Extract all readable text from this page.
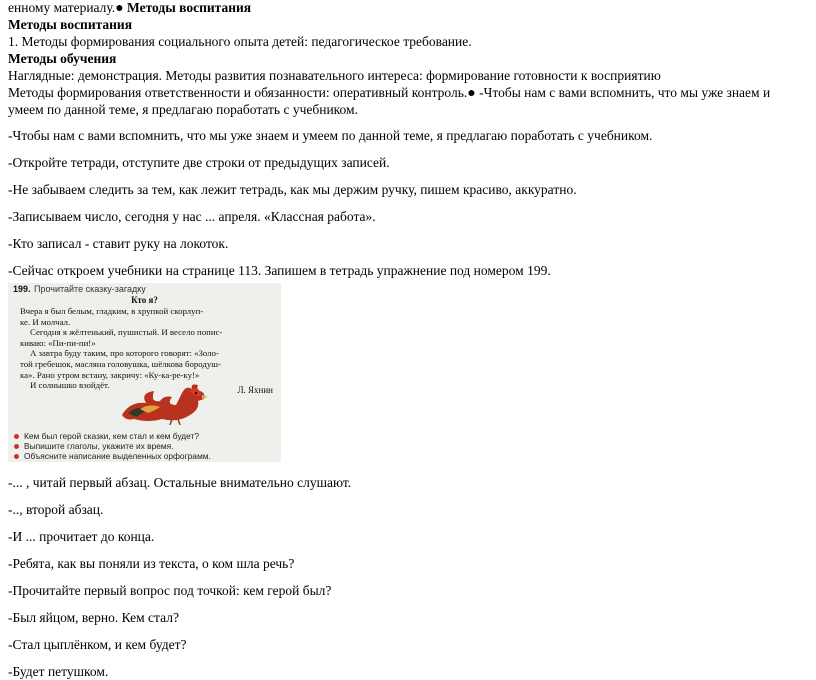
енному материалу.● Методы воспитания
Методы воспитания
1. Методы формирования социального опыта детей: педагогическое требование.
Методы обучения
Наглядные: демонстрация. Методы развития познавательного интереса: формирование готовности к восприятию
Методы формирования ответственности и обязанности: оперативный контроль.● -Чтобы нам с вами вспомнить, что мы уже знаем и
умеем по данной теме, я предлагаю поработать с учебником.
-Чтобы нам с вами вспомнить, что мы уже знаем и умеем по данной теме, я предлагаю поработать с учебником.
-Откройте тетради, отступите две строки от предыдущих записей.
-Не забываем следить за тем, как лежит тетрадь, как мы держим ручку, пишем красиво, аккуратно.
-Записываем число, сегодня у нас ... апреля. «Классная работа».
-Кто записал - ставит руку на локоток.
-Сейчас откроем учебники на странице 113. Запишем в тетрадь упражнение под номером 199.
199. Прочитайте сказку-загадку
Кто я?
Вчера я был белым, гладким, в хрупкой скорлуп-
ке. И молчал.
Сегодня я жёлтенький, пушистый. И весело попис-
киваю: «Пи-пи-пи!»
А завтра буду таким, про которого говорят: «Золо-
той гребешок, масляна головушка, шёлкова бородуш-
ка». Рано утром встану, закричу: «Ку-ка-ре-ку!»
И солнышко взойдёт.	Л. Яхнин
Кем был герой сказки, кем стал и кем будет?
Выпишите глаголы, укажите их время.
Объясните написание выделенных орфограмм.
-... , читай первый абзац. Остальные внимательно слушают.
-.., второй абзац.
-И ... прочитает до конца.
-Ребята, как вы поняли из текста, о ком шла речь?
-Прочитайте первый вопрос под точкой: кем герой был?
-Был яйцом, верно. Кем стал?
-Стал цыплёнком, и кем будет?
-Будет петушком.
